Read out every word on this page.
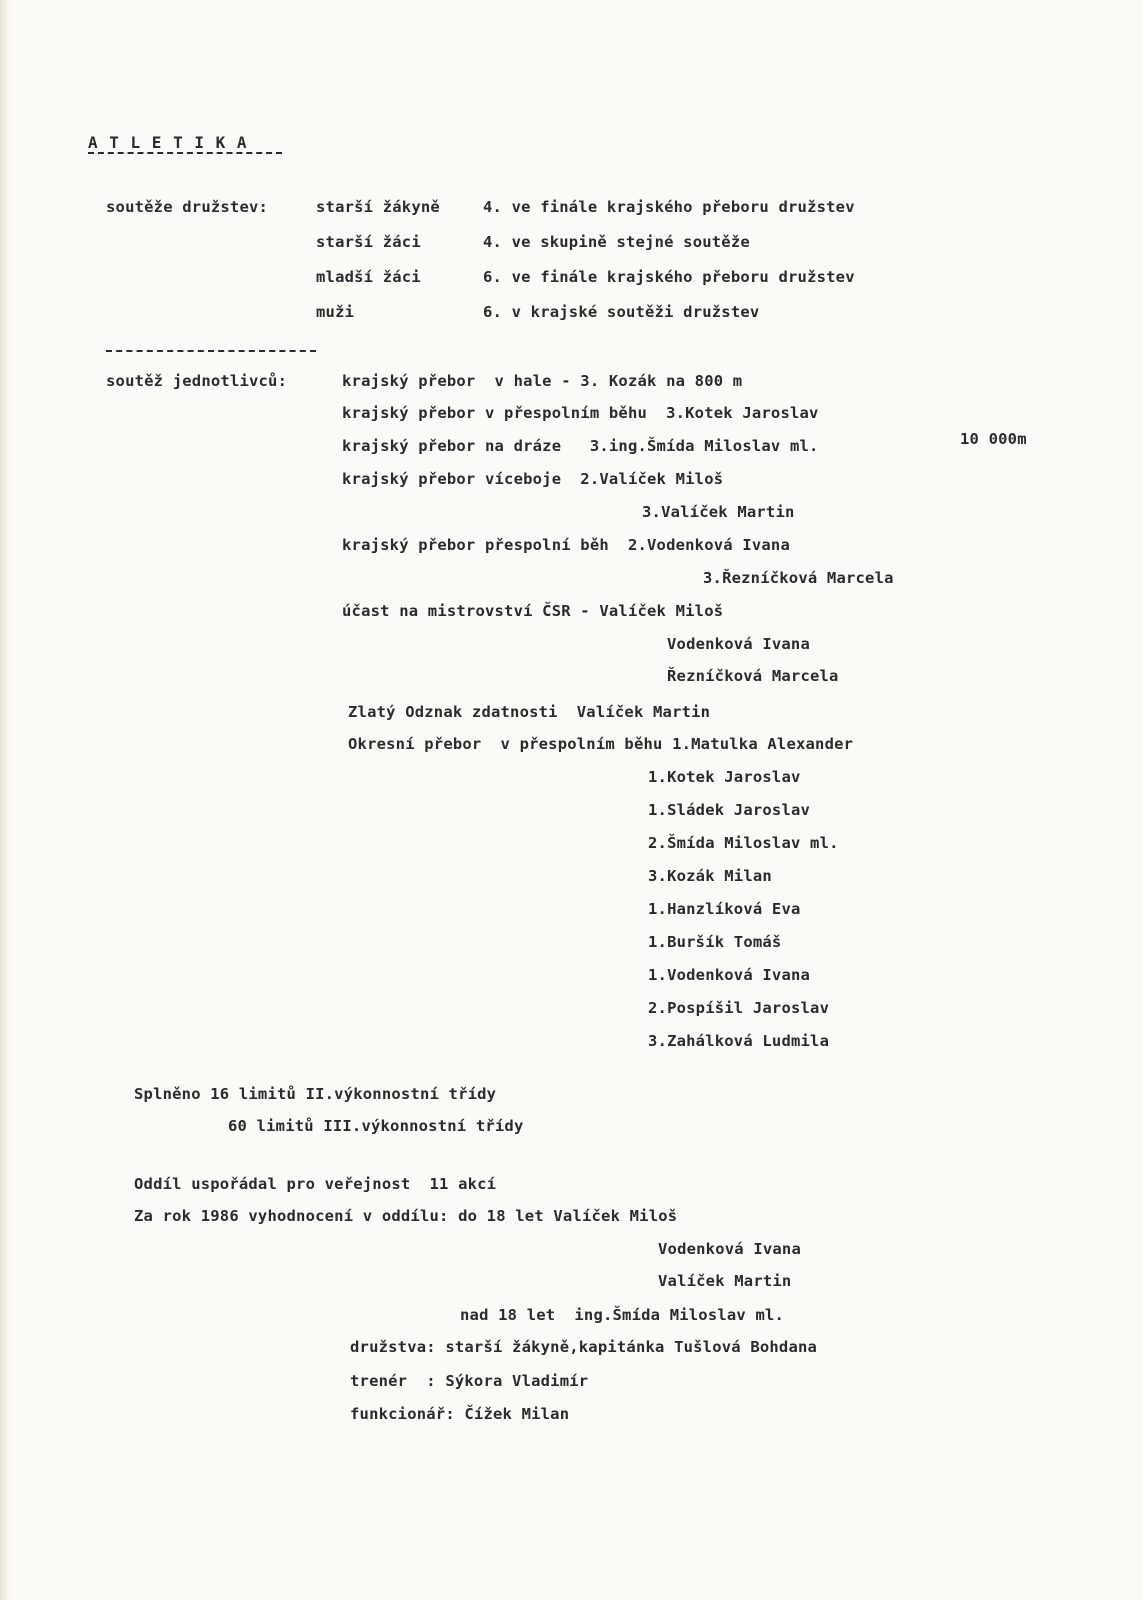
A T L E T I K A
soutěže družstev:	starší žákyně	4. ve finále krajského přeboru družstev
starší žáci	4. ve skupině stejné soutěže
mladší žáci	6. ve finále krajského přeboru družstev
muži	6. v krajské soutěži družstev
soutěž jednotlivců:	krajský přebor  v hale - 3. Kozák na 800 m
krajský přebor v přespolním běhu  3.Kotek Jaroslav
krajský přebor na dráze   3.ing.Šmída Miloslav ml.	10 000m
krajský přebor víceboje  2.Valíček Miloš
3.Valíček Martin
krajský přebor přespolní běh  2.Vodenková Ivana
3.Řezníčková Marcela
účast na mistrovství ČSR - Valíček Miloš
Vodenková Ivana
Řezníčková Marcela
Zlatý Odznak zdatnosti  Valíček Martin
Okresní přebor  v přespolním běhu 1.Matulka Alexander
1.Kotek Jaroslav
1.Sládek Jaroslav
2.Šmída Miloslav ml.
3.Kozák Milan
1.Hanzlíková Eva
1.Buršík Tomáš
1.Vodenková Ivana
2.Pospíšil Jaroslav
3.Zahálková Ludmila
Splněno 16 limitů II.výkonnostní třídy
60 limitů III.výkonnostní třídy
Oddíl uspořádal pro veřejnost  11 akcí
Za rok 1986 vyhodnocení v oddílu: do 18 let Valíček Miloš
Vodenková Ivana
Valíček Martin
nad 18 let  ing.Šmída Miloslav ml.
družstva: starší žákyně,kapitánka Tušlová Bohdana
trenér  : Sýkora Vladimír
funkcionář: Čížek Milan
